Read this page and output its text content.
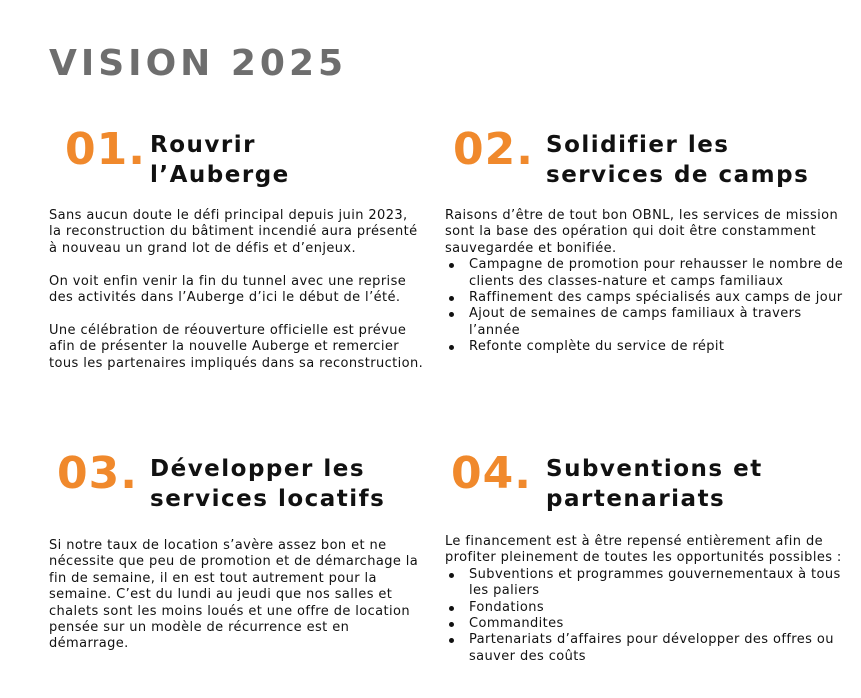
VISION 2025
01. Rouvrir
l’Auberge

Sans aucun doute le défi principal depuis juin 2023, la reconstruction du bâtiment incendié aura présenté à nouveau un grand lot de défis et d’enjeux.

On voit enfin venir la fin du tunnel avec une reprise des activités dans l’Auberge d’ici le début de l’été.

Une célébration de réouverture officielle est prévue afin de présenter la nouvelle Auberge et remercier tous les partenaires impliqués dans sa reconstruction.

02. Solidifier les
services de camps

Raisons d’être de tout bon OBNL, les services de mission sont la base des opération qui doit être constamment sauvegardée et bonifiée.

Campagne de promotion pour rehausser le nombre de clients des classes-nature et camps familiaux
Raffinement des camps spécialisés aux camps de jour
Ajout de semaines de camps familiaux à travers l’année
Refonte complète du service de répit
03. Développer les
services locatifs

Si notre taux de location s’avère assez bon et ne nécessite que peu de promotion et de démarchage la fin de semaine, il en est tout autrement pour la semaine. C’est du lundi au jeudi que nos salles et chalets sont les moins loués et une offre de location pensée sur un modèle de récurrence est en démarrage.

04. Subventions et
partenariats

Le financement est à être repensé entièrement afin de profiter pleinement de toutes les opportunités possibles :

Subventions et programmes gouvernementaux à tous les paliers
Fondations
Commandites
Partenariats d’affaires pour développer des offres ou sauver des coûts
